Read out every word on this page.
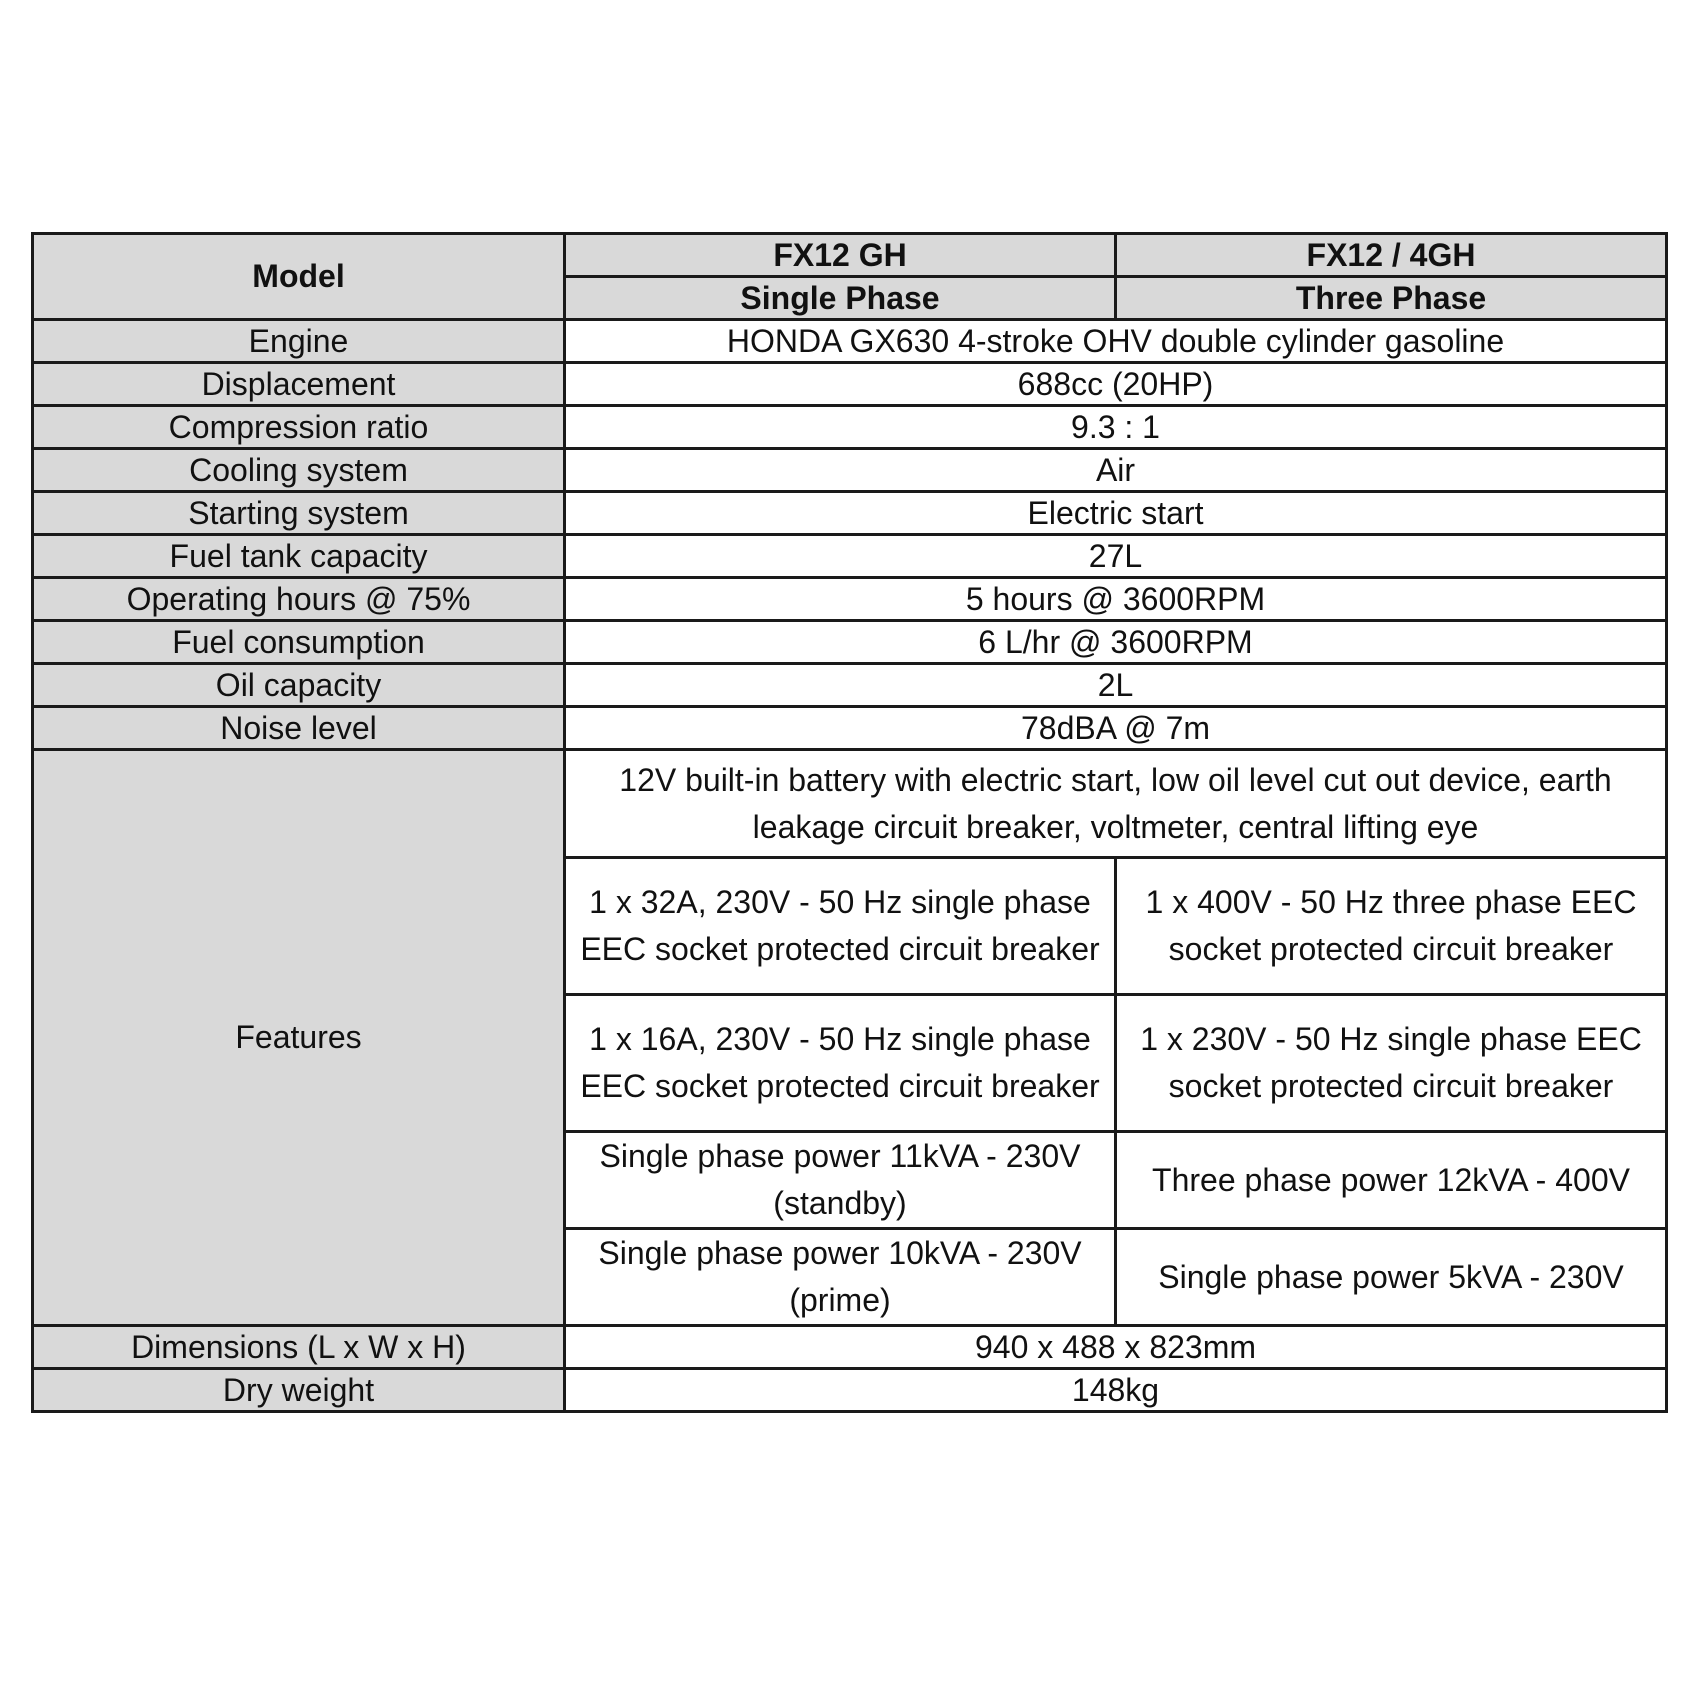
Model	FX12 GH	FX12 / 4GH
	Single Phase	Three Phase
Engine	HONDA GX630 4-stroke OHV double cylinder gasoline	
Displacement	688cc (20HP)	
Compression ratio	9.3 : 1	
Cooling system	Air	
Starting system	Electric start	
Fuel tank capacity	27L	
Operating hours @ 75%	5 hours @ 3600RPM	
Fuel consumption	6 L/hr @ 3600RPM	
Oil capacity	2L	
Noise level	78dBA @ 7m	
Features	12V built-in battery with electric start, low oil level cut out device, earth leakage circuit breaker, voltmeter, central lifting eye	
	1 x 32A, 230V - 50 Hz single phase EEC socket protected circuit breaker	1 x 400V - 50 Hz three phase EEC socket protected circuit breaker
	1 x 16A, 230V - 50 Hz single phase EEC socket protected circuit breaker	1 x 230V - 50 Hz single phase EEC socket protected circuit breaker
	Single phase power 11kVA - 230V (standby)	Three phase power 12kVA - 400V
	Single phase power 10kVA - 230V (prime)	Single phase power 5kVA - 230V
Dimensions (L x W x H)	940 x 488 x 823mm	
Dry weight	148kg	
